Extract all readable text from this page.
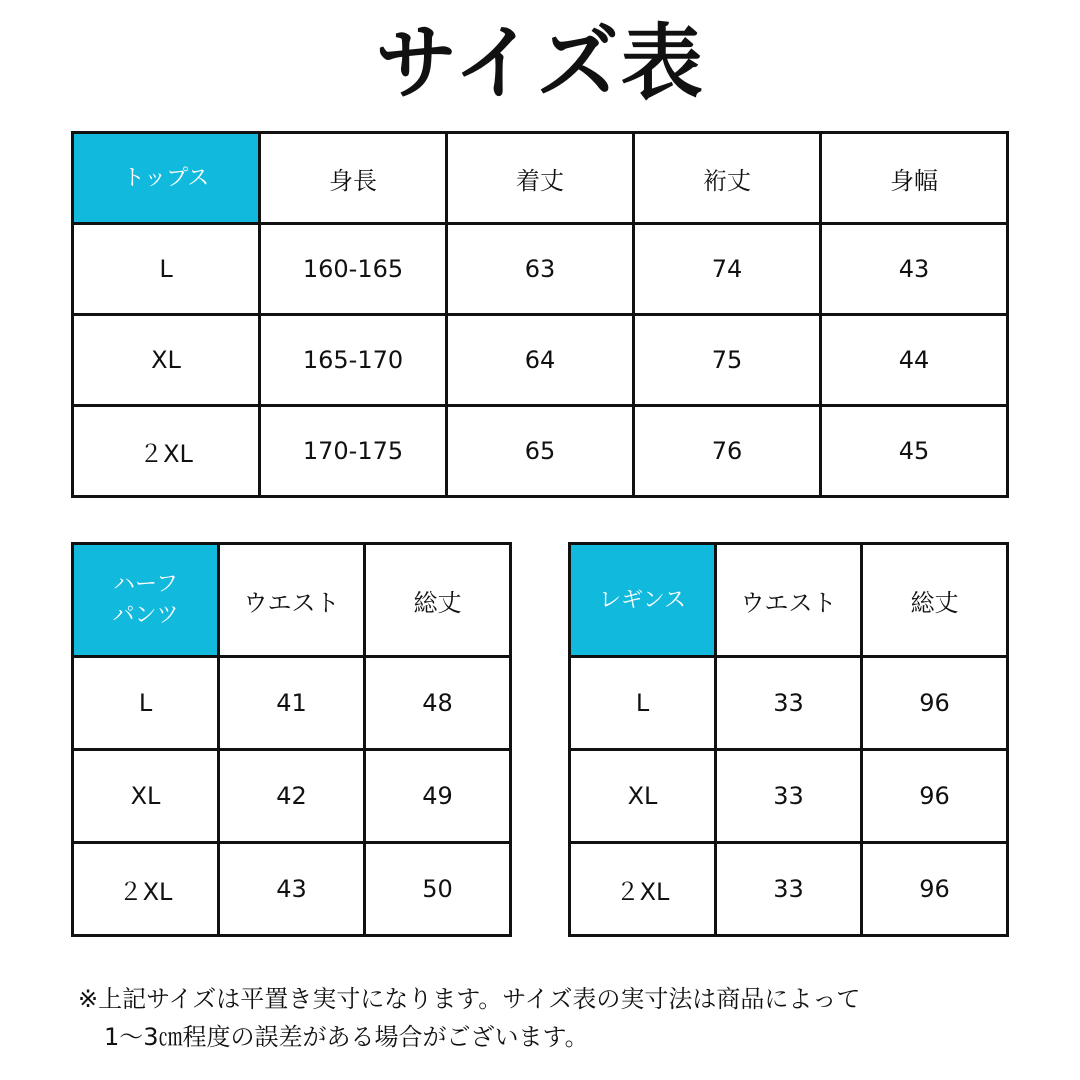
サイズ表
トップス	身長	着丈	裄丈	身幅
L	160-165	63	74	43
XL	165-170	64	75	44
２XL	170-175	65	76	45
ハーフ
パンツ	ウエスト	総丈
L	41	48
XL	42	49
２XL	43	50
レギンス	ウエスト	総丈
L	33	96
XL	33	96
２XL	33	96
※上記サイズは平置き実寸になります。サイズ表の実寸法は商品によって
1〜3㎝程度の誤差がある場合がございます。
